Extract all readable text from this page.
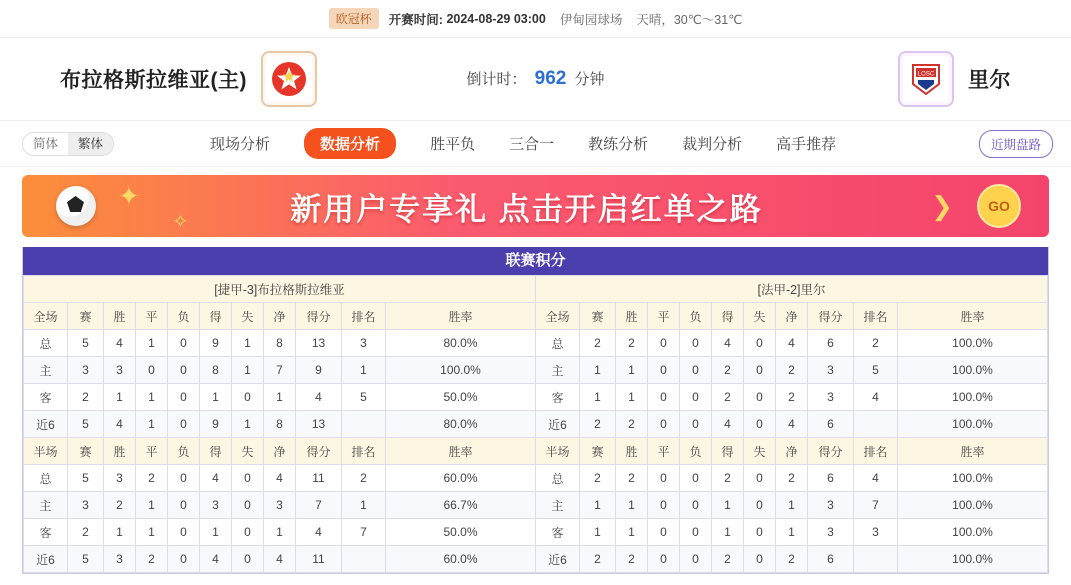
欧冠杯	开赛时间:
2024-08-29 03:00 伊甸园球场 天晴，30℃～31℃
布拉格斯拉维亚(主)	倒计时： 962 分钟	LOSC 里尔
简体	繁体	现场分析	数据分析	胜平负 三合一 教练分析 裁判分析 高手推荐	近期盘路
✦
✧	新用户专享礼 点击开启红单之路	❯	GO
联赛积分
[捷甲-3]布拉格斯拉维亚											[法甲-2]里尔										
全场	赛	胜	平	负	得	失	净	得分	排名	胜率	全场	赛	胜	平	负	得	失	净	得分	排名	胜率
总	5	4	1	0	9	1	8	13	3	80.0%	总	2	2	0	0	4	0	4	6	2	100.0%
主	3	3	0	0	8	1	7	9	1	100.0%	主	1	1	0	0	2	0	2	3	5	100.0%
客	2	1	1	0	1	0	1	4	5	50.0%	客	1	1	0	0	2	0	2	3	4	100.0%
近6	5	4	1	0	9	1	8	13		80.0%	近6	2	2	0	0	4	0	4	6		100.0%
半场	赛	胜	平	负	得	失	净	得分	排名	胜率	半场	赛	胜	平	负	得	失	净	得分	排名	胜率
总	5	3	2	0	4	0	4	11	2	60.0%	总	2	2	0	0	2	0	2	6	4	100.0%
主	3	2	1	0	3	0	3	7	1	66.7%	主	1	1	0	0	1	0	1	3	7	100.0%
客	2	1	1	0	1	0	1	4	7	50.0%	客	1	1	0	0	1	0	1	3	3	100.0%
近6	5	3	2	0	4	0	4	11		60.0%	近6	2	2	0	0	2	0	2	6		100.0%
